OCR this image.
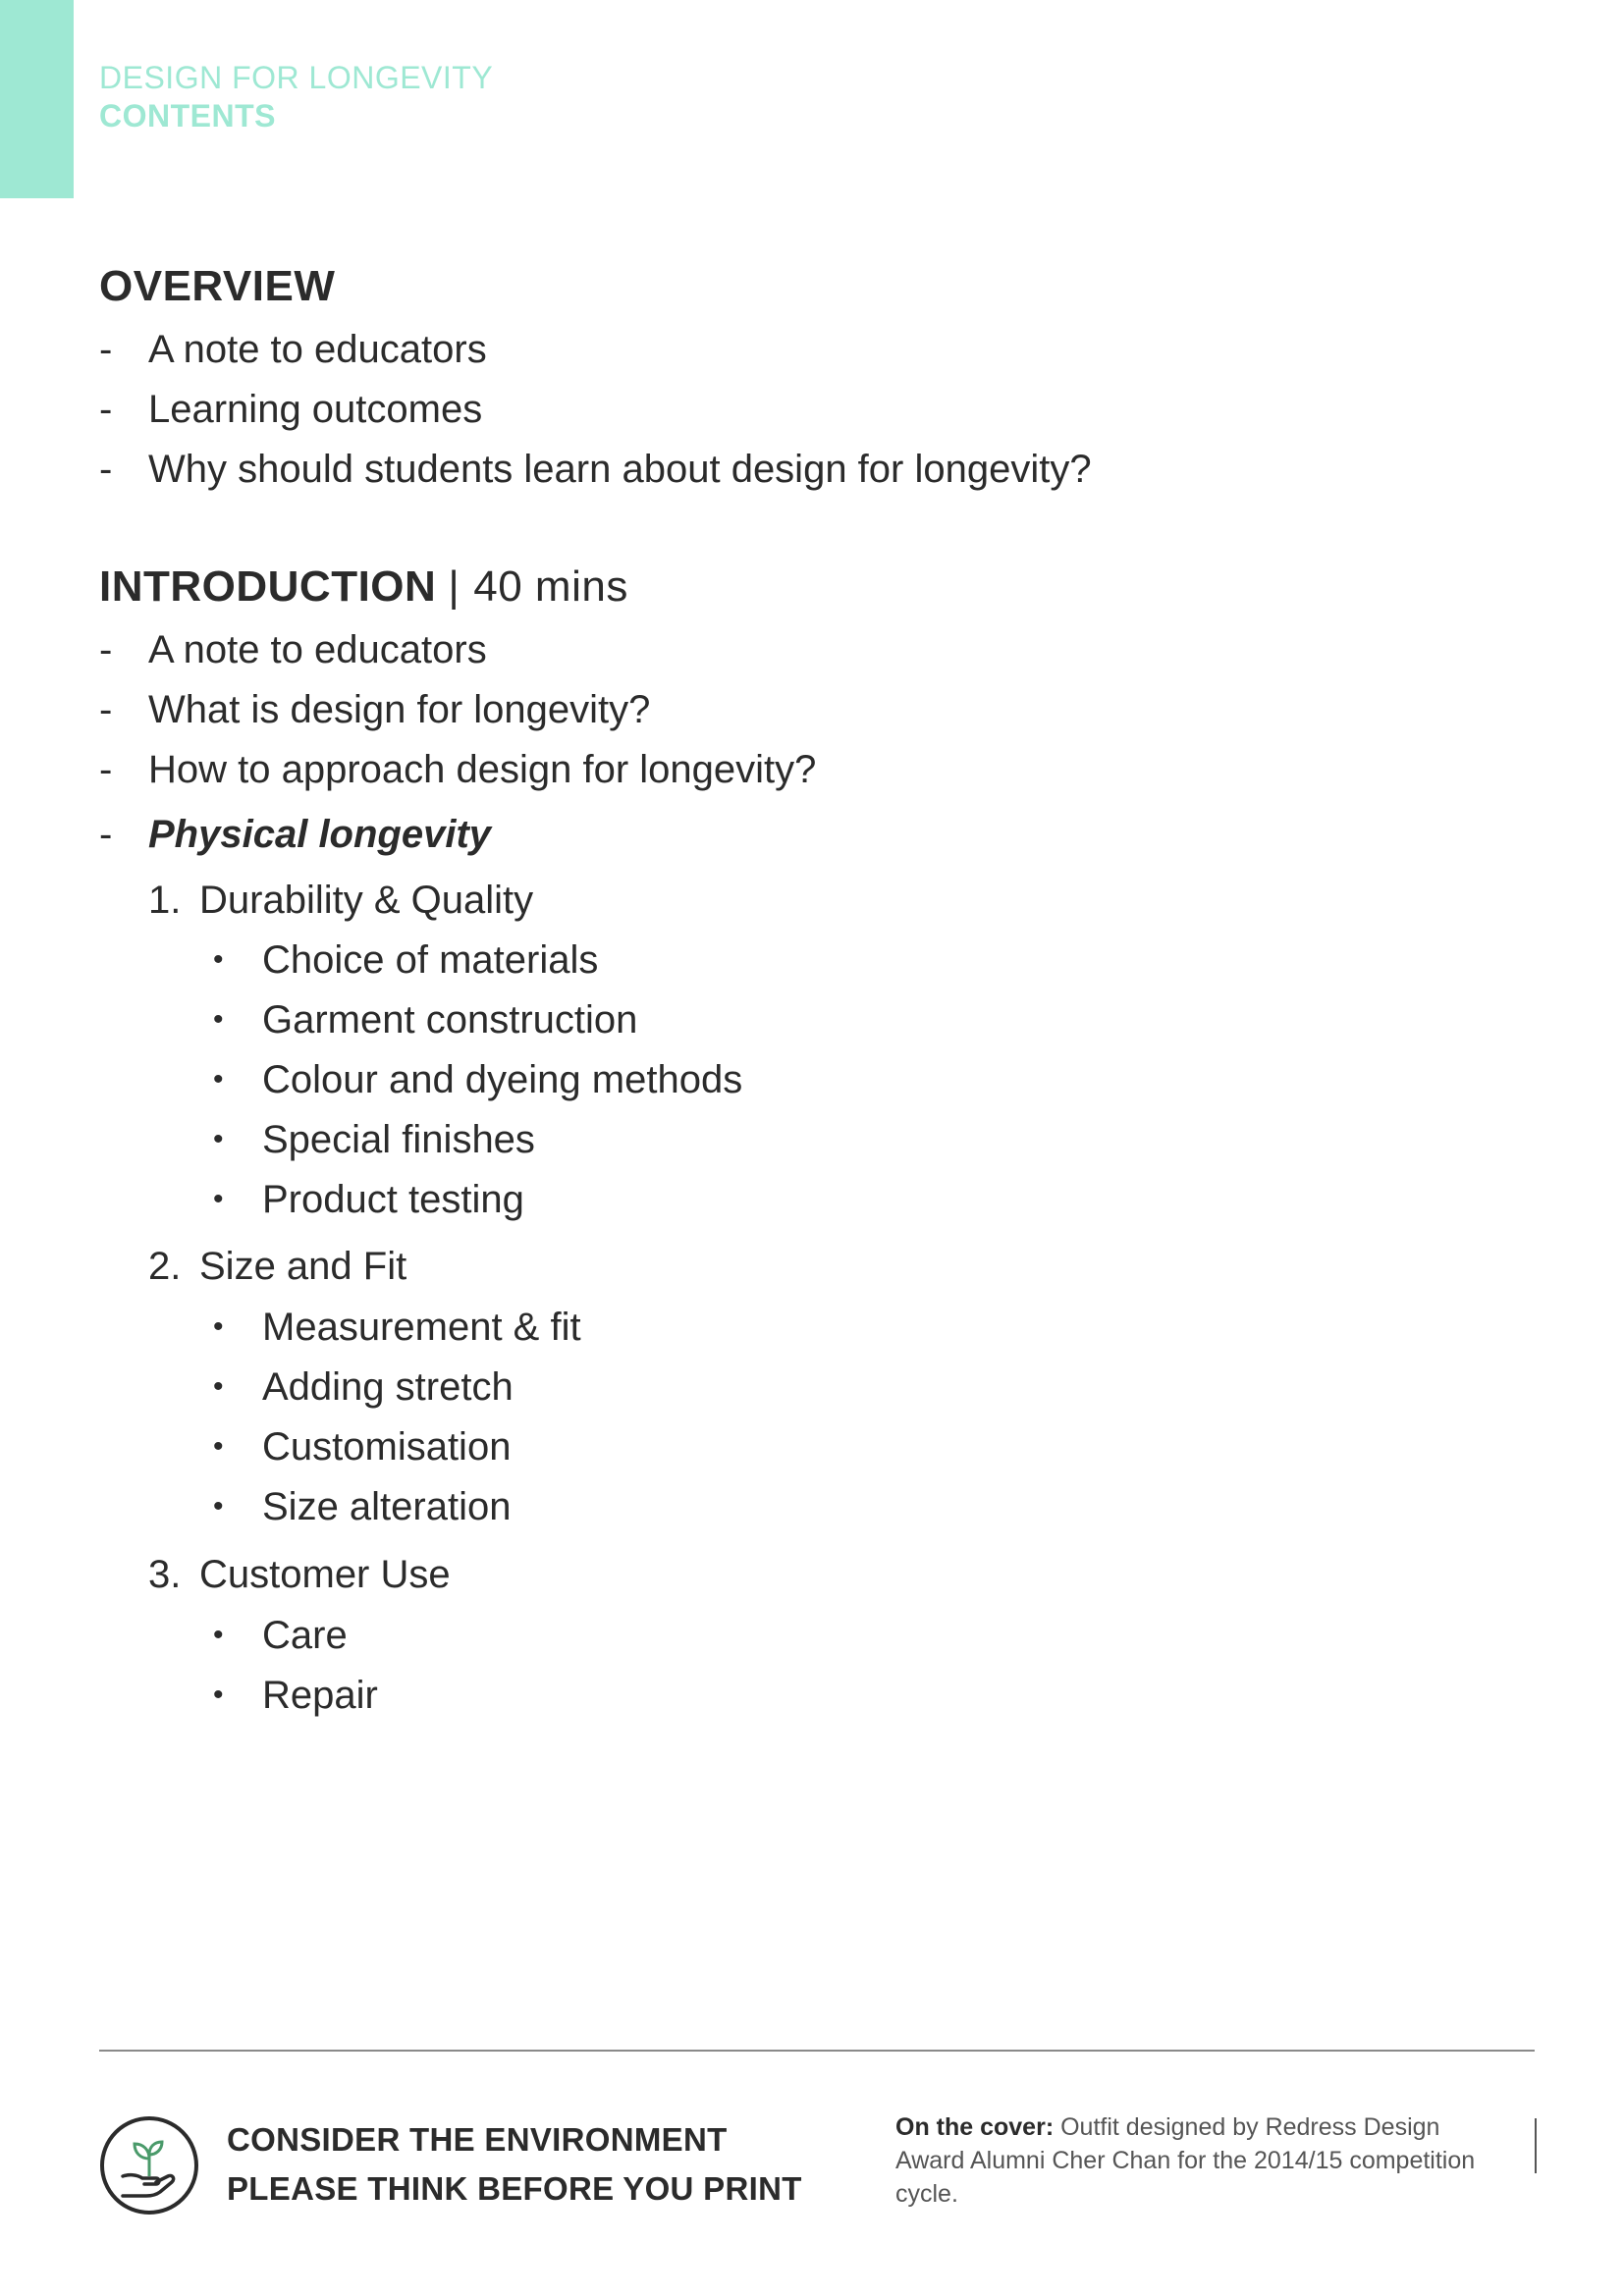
DESIGN FOR LONGEVITY
CONTENTS
OVERVIEW
- A note to educators
- Learning outcomes
- Why should students learn about design for longevity?
INTRODUCTION | 40 mins
- A note to educators
- What is design for longevity?
- How to approach design for longevity?
- Physical longevity
1. Durability & Quality
• Choice of materials
• Garment construction
• Colour and dyeing methods
• Special finishes
• Product testing
2. Size and Fit
• Measurement & fit
• Adding stretch
• Customisation
• Size alteration
3. Customer Use
• Care
• Repair
CONSIDER THE ENVIRONMENT
PLEASE THINK BEFORE YOU PRINT
On the cover: Outfit designed by Redress Design Award Alumni Cher Chan for the 2014/15 competition cycle.
